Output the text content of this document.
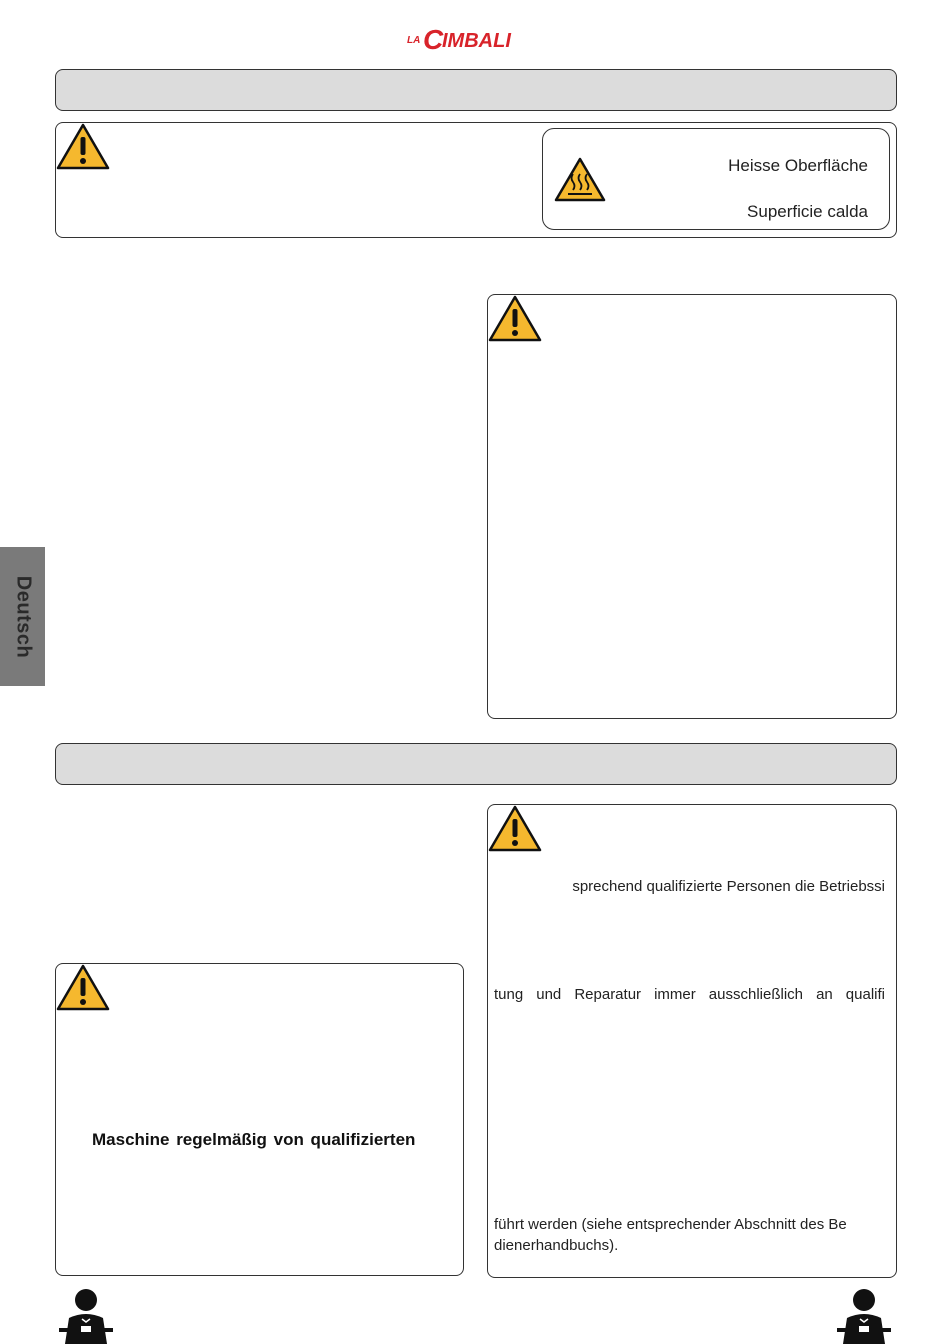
LA C
IMBALI
Heisse Oberfläche
Superficie calda
Deutsch
sprechend qualifizierte Personen die Betriebssi
tung und Reparatur immer ausschließlich an qualifi
führt werden (siehe entsprechender Abschnitt des Be
dienerhandbuchs).
Maschine regelmäßig von qualifizierten
